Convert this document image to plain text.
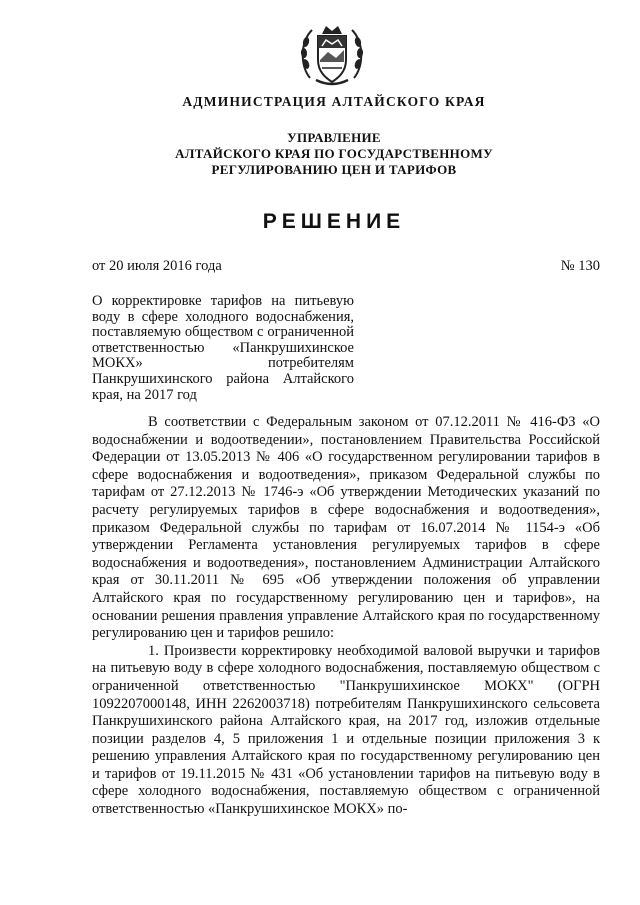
АДМИНИСТРАЦИЯ АЛТАЙСКОГО КРАЯ
УПРАВЛЕНИЕ
АЛТАЙСКОГО КРАЯ ПО ГОСУДАРСТВЕННОМУ
РЕГУЛИРОВАНИЮ ЦЕН И ТАРИФОВ
РЕШЕНИЕ
от 20 июля 2016 года	№ 130
О корректировке тарифов на питьевую воду в сфере холодного водоснабжения, поставляемую обществом с ограниченной ответственностью «Панкрушихинское МОКХ» потребителям Панкрушихинского района Алтайского края, на 2017 год

В соответствии с Федеральным законом от 07.12.2011 № 416-ФЗ «О водоснабжении и водоотведении», постановлением Правительства Российской Федерации от 13.05.2013 № 406 «О государственном регулировании тарифов в сфере водоснабжения и водоотведения», приказом Федеральной службы по тарифам от 27.12.2013 № 1746-э «Об утверждении Методических указаний по расчету регулируемых тарифов в сфере водоснабжения и водоотведения», приказом Федеральной службы по тарифам от 16.07.2014 № 1154-э «Об утверждении Регламента установления регулируемых тарифов в сфере водоснабжения и водоотведения», постановлением Администрации Алтайского края от 30.11.2011 № 695 «Об утверждении положения об управлении Алтайского края по государственному регулированию цен и тарифов», на основании решения правления управление Алтайского края по государственному регулированию цен и тарифов решило:

1. Произвести корректировку необходимой валовой выручки и тарифов на питьевую воду в сфере холодного водоснабжения, поставляемую обществом с ограниченной ответственностью "Панкрушихинское МОКХ" (ОГРН 1092207000148, ИНН 2262003718) потребителям Панкрушихинского сельсовета Панкрушихинского района Алтайского края, на 2017 год, изложив отдельные позиции разделов 4, 5 приложения 1 и отдельные позиции приложения 3 к решению управления Алтайского края по государственному регулированию цен и тарифов от 19.11.2015 № 431 «Об установлении тарифов на питьевую воду в сфере холодного водоснабжения, поставляемую обществом с ограниченной ответственностью «Панкрушихинское МОКХ» по-
